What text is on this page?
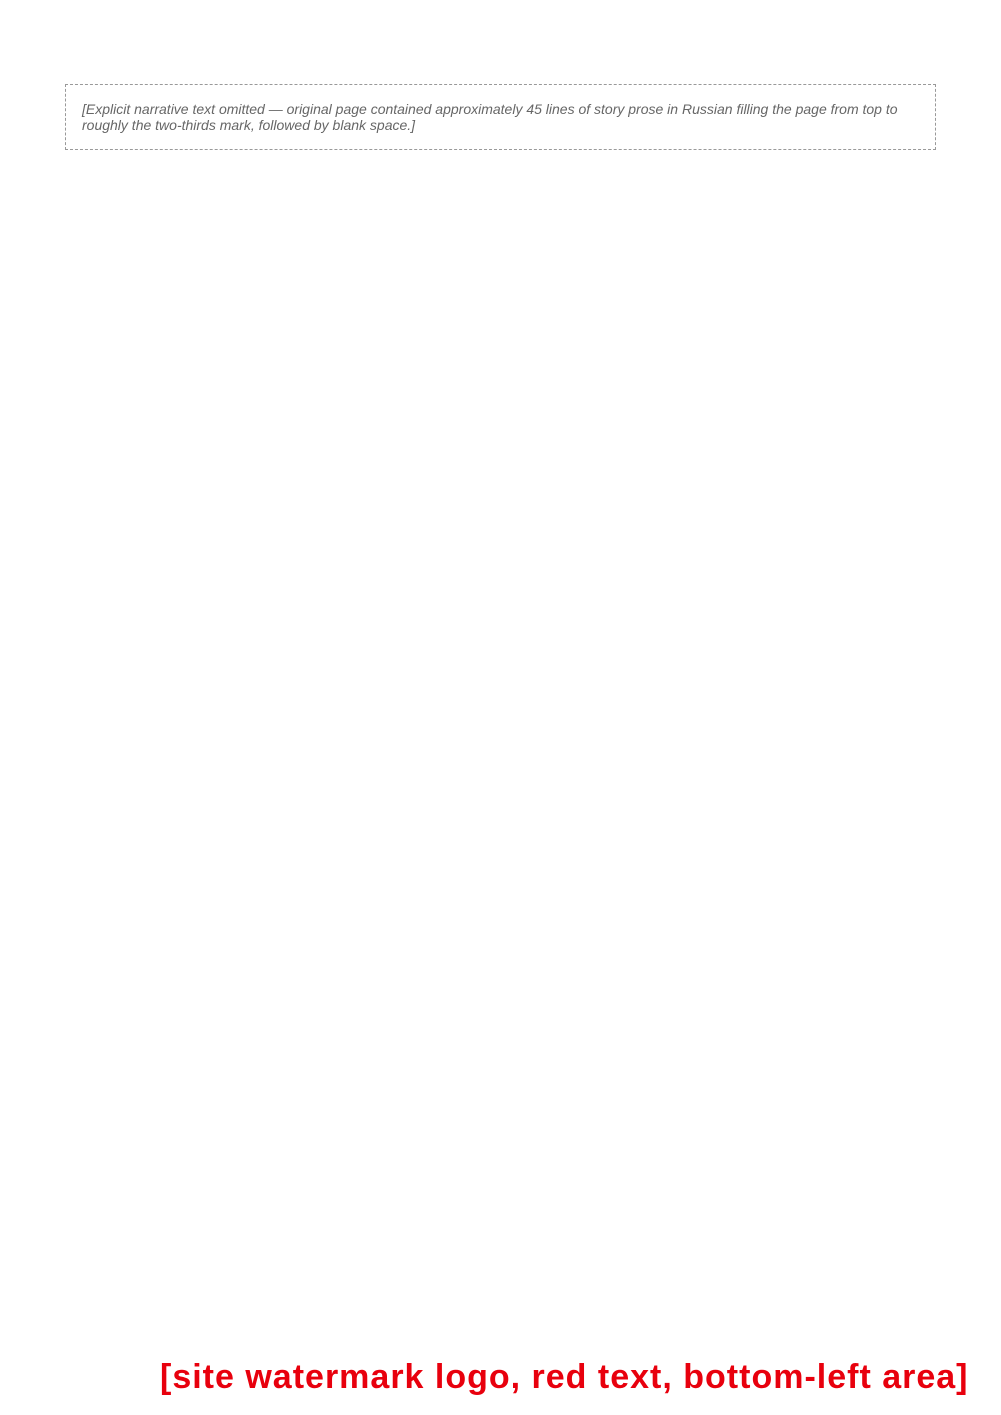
[Explicit narrative text omitted — original page contained approximately 45 lines of story prose in Russian filling the page from top to roughly the two-thirds mark, followed by blank space.]

[site watermark logo, red text, bottom-left area]
